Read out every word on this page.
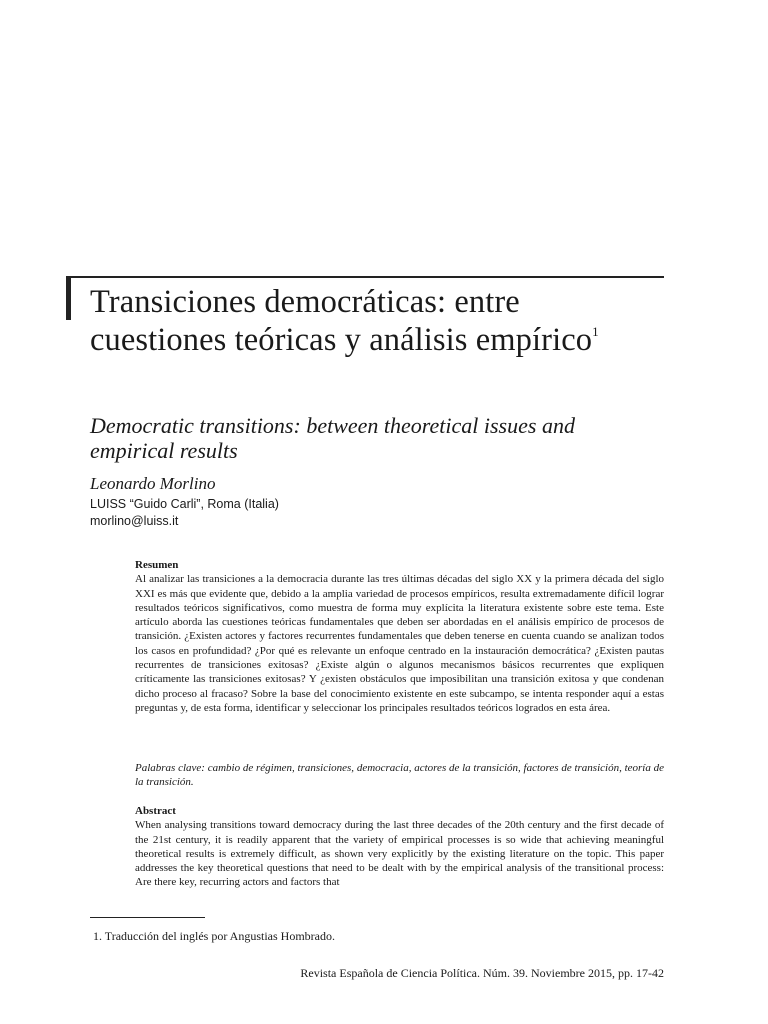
Transiciones democráticas: entre cuestiones teóricas y análisis empírico$^1$
Democratic transitions: between theoretical issues and empirical results
Leonardo Morlino
LUISS “Guido Carli”, Roma (Italia)
morlino@luiss.it
Resumen

Al analizar las transiciones a la democracia durante las tres últimas décadas del siglo XX y la primera década del siglo XXI es más que evidente que, debido a la amplia variedad de procesos empíricos, resulta extremadamente difícil lograr resultados teóricos significativos, como muestra de forma muy explícita la literatura existente sobre este tema. Este artículo aborda las cuestiones teóricas fundamentales que deben ser abordadas en el análisis empírico de procesos de transición. ¿Existen actores y factores recurrentes fundamentales que deben tenerse en cuenta cuando se analizan todos los casos en profundidad? ¿Por qué es relevante un enfoque centrado en la instauración democrática? ¿Existen pautas recurrentes de transiciones exitosas? ¿Existe algún o algunos mecanismos básicos recurrentes que expliquen críticamente las transiciones exitosas? Y ¿existen obstáculos que imposibilitan una transición exitosa y que condenan dicho proceso al fracaso? Sobre la base del conocimiento existente en este subcampo, se intenta responder aquí a estas preguntas y, de esta forma, identificar y seleccionar los principales resultados teóricos logrados en esta área.

Palabras clave: cambio de régimen, transiciones, democracia, actores de la transición, factores de transición, teoría de la transición.

Abstract

When analysing transitions toward democracy during the last three decades of the 20th century and the first decade of the 21st century, it is readily apparent that the variety of empirical processes is so wide that achieving meaningful theoretical results is extremely difficult, as shown very explicitly by the existing literature on the topic. This paper addresses the key theoretical questions that need to be dealt with by the empirical analysis of the transitional process: Are there key, recurring actors and factors that

1. Traducción del inglés por Angustias Hombrado.
Revista Española de Ciencia Política. Núm. 39. Noviembre 2015, pp. 17-42
